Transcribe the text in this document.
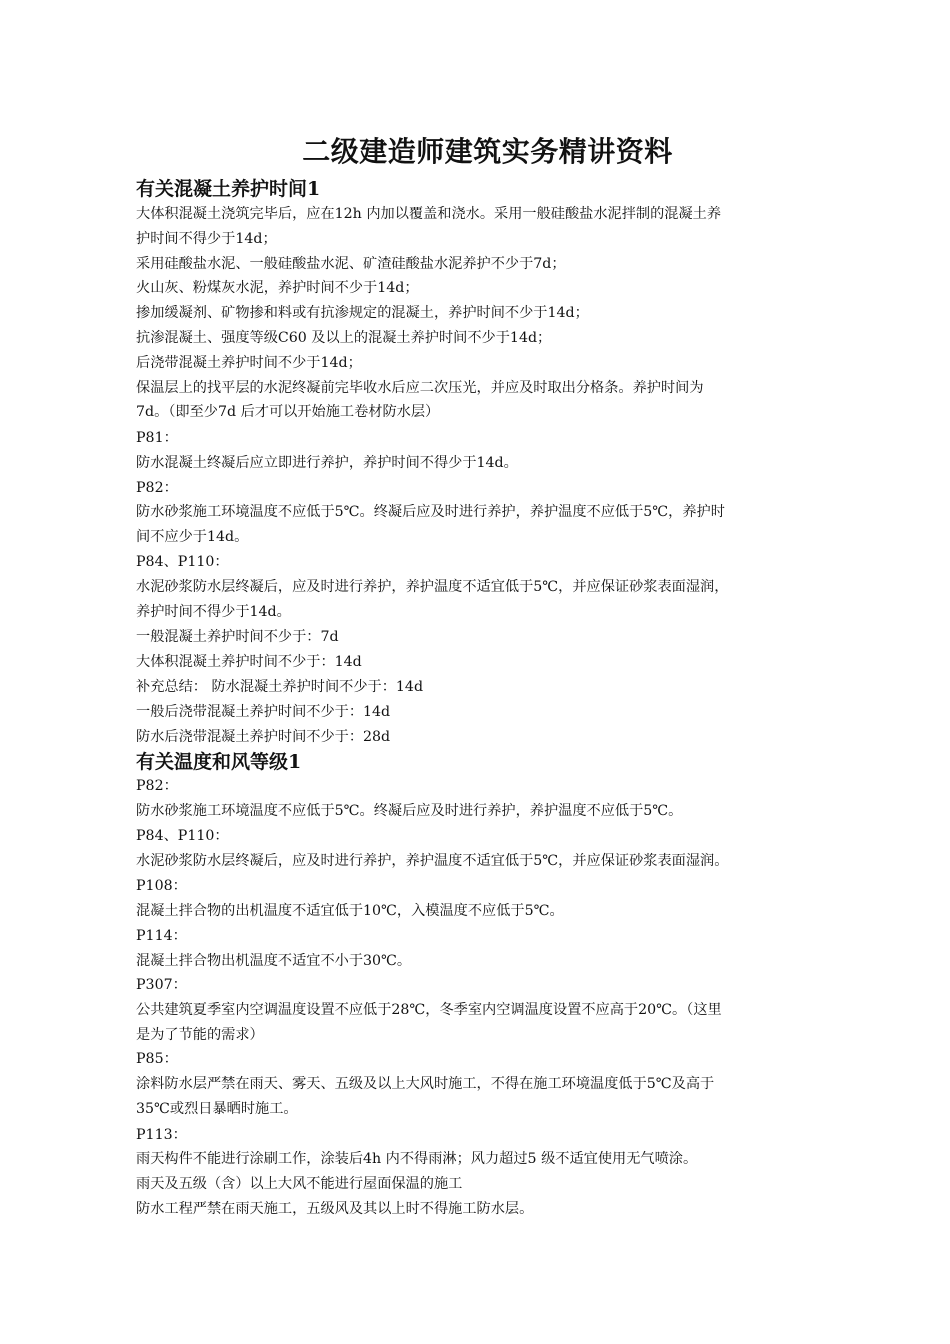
二级建造师建筑实务精讲资料
有关混凝土养护时间1
大体积混凝土浇筑完毕后，应在12h 内加以覆盖和浇水。采用一般硅酸盐水泥拌制的混凝土养
护时间不得少于14d；
采用硅酸盐水泥、一般硅酸盐水泥、矿渣硅酸盐水泥养护不少于7d；
火山灰、粉煤灰水泥，养护时间不少于14d；
掺加缓凝剂、矿物掺和料或有抗渗规定的混凝土，养护时间不少于14d；
抗渗混凝土、强度等级C60 及以上的混凝土养护时间不少于14d；
后浇带混凝土养护时间不少于14d；
保温层上的找平层的水泥终凝前完毕收水后应二次压光，并应及时取出分格条。养护时间为
7d。（即至少7d 后才可以开始施工卷材防水层）
P81：
防水混凝土终凝后应立即进行养护，养护时间不得少于14d。
P82：
防水砂浆施工环境温度不应低于5℃。终凝后应及时进行养护，养护温度不应低于5℃，养护时
间不应少于14d。
P84、P110：
水泥砂浆防水层终凝后，应及时进行养护，养护温度不适宜低于5℃，并应保证砂浆表面湿润，
养护时间不得少于14d。
一般混凝土养护时间不少于：7d
大体积混凝土养护时间不少于：14d
补充总结： 防水混凝土养护时间不少于：14d
一般后浇带混凝土养护时间不少于：14d
防水后浇带混凝土养护时间不少于：28d
有关温度和风等级1
P82：
防水砂浆施工环境温度不应低于5℃。终凝后应及时进行养护，养护温度不应低于5℃。
P84、P110：
水泥砂浆防水层终凝后，应及时进行养护，养护温度不适宜低于5℃，并应保证砂浆表面湿润。
P108：
混凝土拌合物的出机温度不适宜低于10℃，入模温度不应低于5℃。
P114：
混凝土拌合物出机温度不适宜不小于30℃。
P307：
公共建筑夏季室内空调温度设置不应低于28℃，冬季室内空调温度设置不应高于20℃。（这里
是为了节能的需求）
P85：
涂料防水层严禁在雨天、雾天、五级及以上大风时施工，不得在施工环境温度低于5℃及高于
35℃或烈日暴晒时施工。
P113：
雨天构件不能进行涂刷工作，涂装后4h 内不得雨淋；风力超过5 级不适宜使用无气喷涂。
雨天及五级（含）以上大风不能进行屋面保温的施工
防水工程严禁在雨天施工，五级风及其以上时不得施工防水层。
